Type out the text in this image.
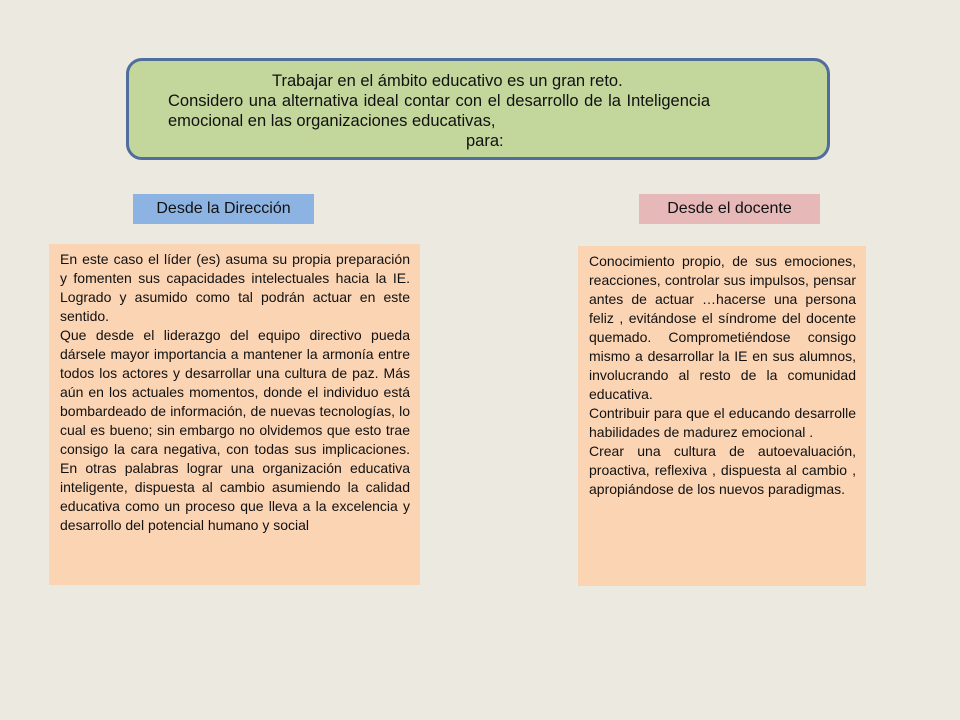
Trabajar en el ámbito educativo es un gran reto.
Considero una alternativa ideal contar con el desarrollo de la Inteligencia
emocional en las organizaciones educativas,
para:
Desde la Dirección	Desde el docente

En este caso el líder (es) asuma su propia preparación y fomenten sus capacidades intelectuales hacia la IE. Logrado y asumido como tal podrán actuar en este sentido.

Que desde el liderazgo del equipo directivo pueda dársele mayor importancia a mantener la armonía entre todos los actores y desarrollar una cultura de paz. Más aún en los actuales momentos, donde el individuo está bombardeado de información, de nuevas tecnologías, lo cual es bueno; sin embargo no olvidemos que esto trae consigo la cara negativa, con todas sus implicaciones. En otras palabras lograr una organización educativa inteligente, dispuesta al cambio asumiendo la calidad educativa como un proceso que lleva a la excelencia y desarrollo del potencial humano y social

Conocimiento propio, de sus emociones, reacciones, controlar sus impulsos, pensar antes de actuar …hacerse una persona feliz , evitándose el síndrome del docente quemado. Comprometiéndose consigo mismo a desarrollar la IE en sus alumnos, involucrando al resto de la comunidad educativa.

Contribuir para que el educando desarrolle habilidades de madurez emocional .

Crear una cultura de autoevaluación, proactiva, reflexiva , dispuesta al cambio , apropiándose de los nuevos paradigmas.
